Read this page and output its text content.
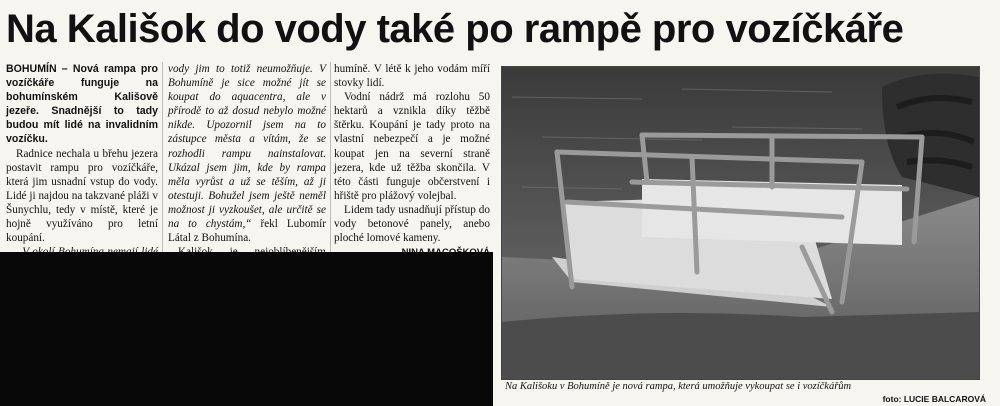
Na Kališok do vody také po rampě pro vozíčkáře

BOHUMÍN – Nová rampa pro vozíčkáře funguje na bohumínském Kališově jezeře. Snadnější to tady budou mít lidé na invalidním vozíčku.

Radnice nechala u břehu jezera postavit rampu pro vozíčkáře, která jim usnadní vstup do vody. Lidé ji najdou na takzvané pláži v Šunychlu, tedy v místě, které je hojně využíváno pro letní koupání.

vody jim to totiž neumožňuje. V Bohumíně je sice možné jít se koupat do aquacentra, ale v přírodě to až dosud nebylo možné nikde. Upozornil jsem na to zástupce města a vítám, že se rozhodli rampu nainstalovat. Ukázal jsem jim, kde by rampa měla vyrůst a už se těším, až ji otestuji. Bohužel jsem ještě neměl možnost ji vyzkoušet, ale určitě se na to chystám,“ řekl Lubomír Látal z Bohumína.

humíně. V létě k jeho vodám míří stovky lidí.

Vodní nádrž má rozlohu 50 hektarů a vznikla díky těžbě štěrku. Koupání je tady proto na vlastní nebezpečí a je možné koupat jen na severní straně jezera, kde už těžba skončila. V této části funguje občerstvení i hřiště pro plážový volejbal.

Lidem tady usnadňují přístup do vody betonové panely, anebo ploché lomové kameny.

Na Kališoku v Bohumíně je nová rampa, která umožňuje vykoupat se i vozíčkářům
foto: LUCIE BALCAROVÁ
